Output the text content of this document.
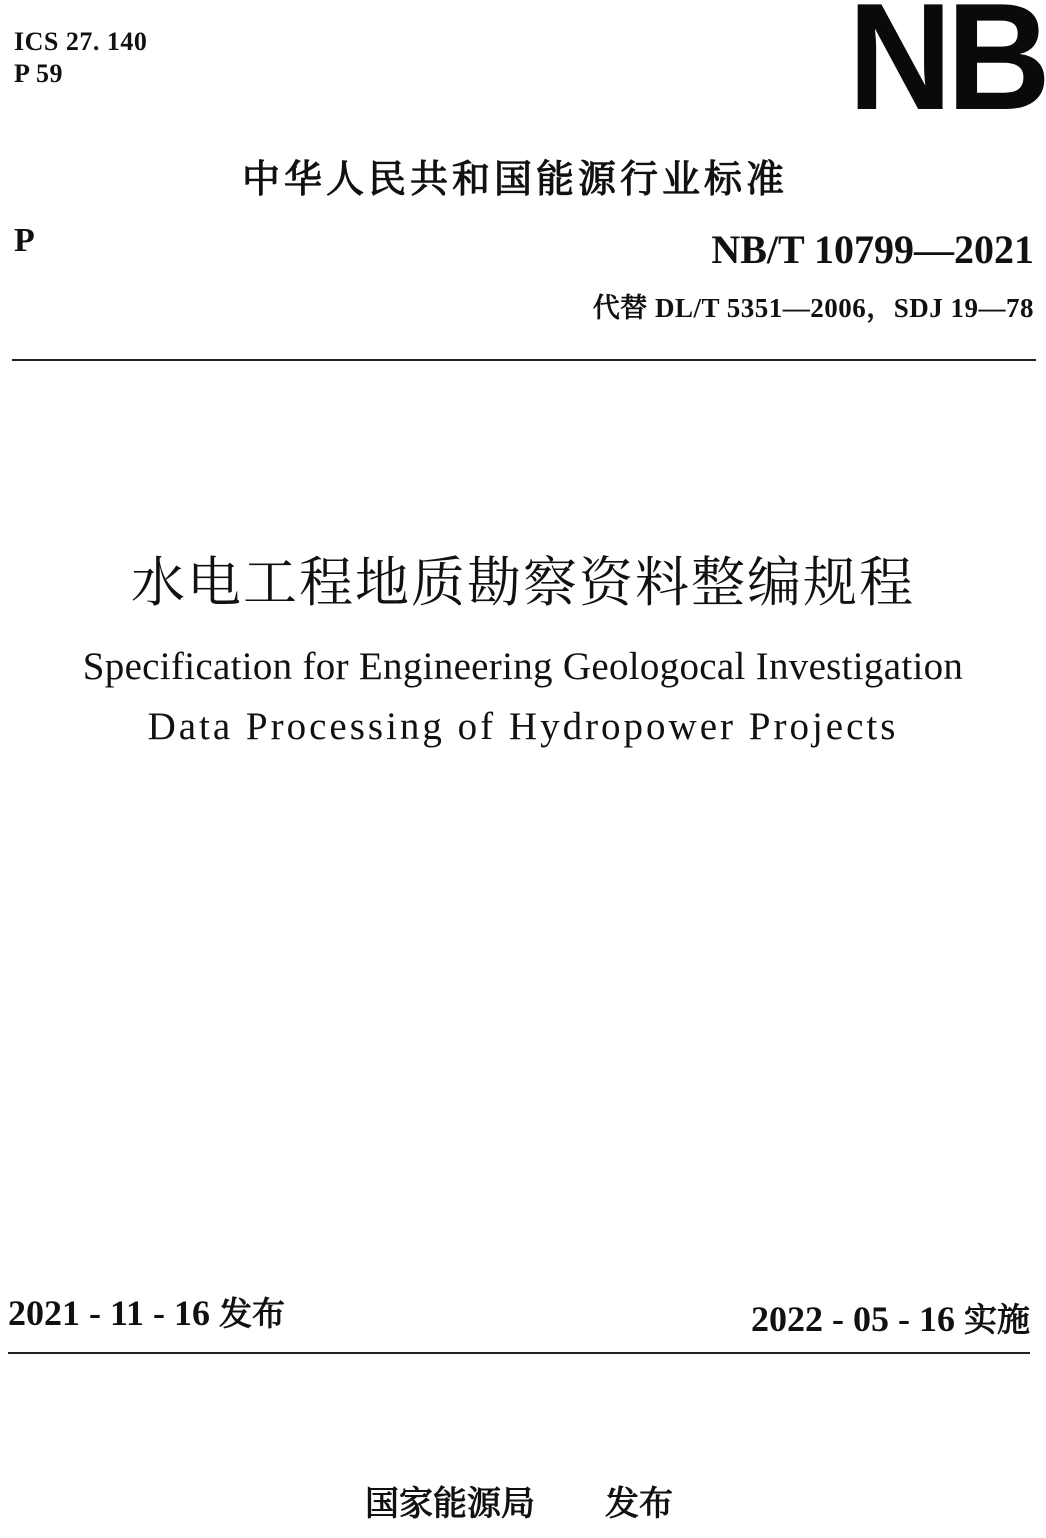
ICS 27. 140
P 59	NB
中华人民共和国能源行业标准
P	NB/T 10799—2021
代替 DL/T 5351—2006，SDJ 19—78
水电工程地质勘察资料整编规程
Specification for Engineering Geologocal Investigation
Data Processing of Hydropower Projects
2021 - 11 - 16 发布	2022 - 05 - 16 实施
国家能源局 发布
